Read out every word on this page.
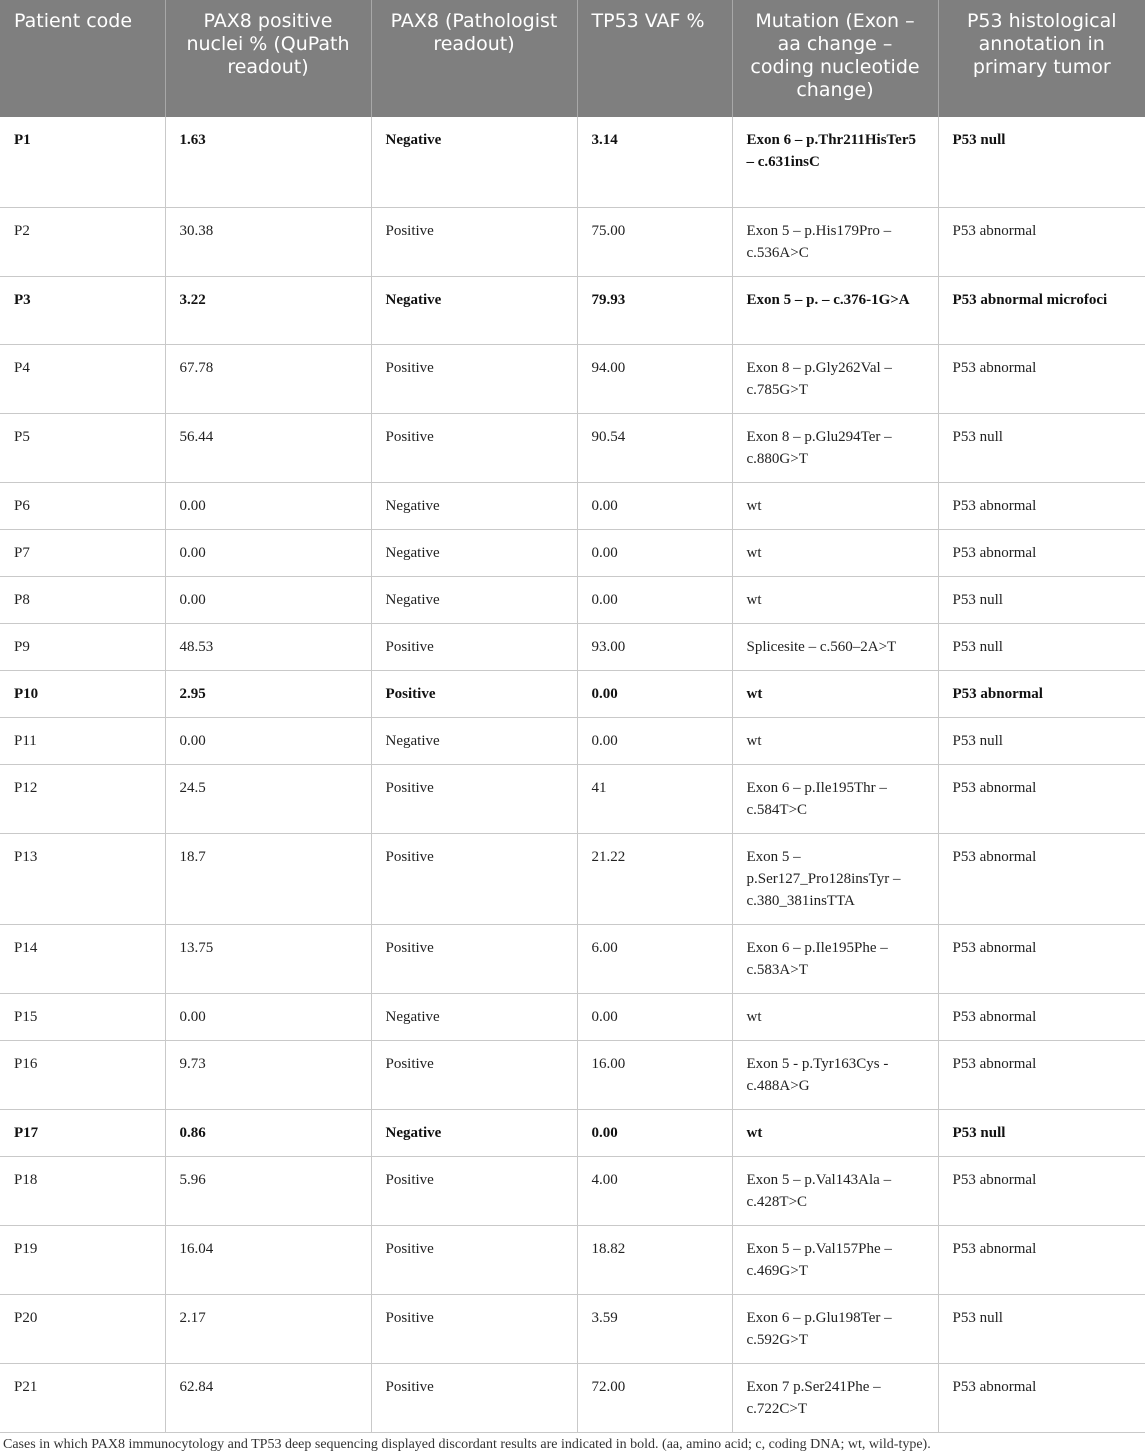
Patient code	PAX8 positive nuclei % (QuPath readout)	PAX8 (Pathologist readout)	TP53 VAF %	Mutation (Exon – aa change – coding nucleotide change)	P53 histological annotation in primary tumor
P1	1.63	Negative	3.14	Exon 6 – p.Thr211HisTer5 – c.631insC	P53 null
P2	30.38	Positive	75.00	Exon 5 – p.His179Pro – c.536A>C	P53 abnormal
P3	3.22	Negative	79.93	Exon 5 – p. – c.376-1G>A	P53 abnormal microfoci
P4	67.78	Positive	94.00	Exon 8 – p.Gly262Val – c.785G>T	P53 abnormal
P5	56.44	Positive	90.54	Exon 8 – p.Glu294Ter – c.880G>T	P53 null
P6	0.00	Negative	0.00	wt	P53 abnormal
P7	0.00	Negative	0.00	wt	P53 abnormal
P8	0.00	Negative	0.00	wt	P53 null
P9	48.53	Positive	93.00	Splicesite – c.560–2A>T	P53 null
P10	2.95	Positive	0.00	wt	P53 abnormal
P11	0.00	Negative	0.00	wt	P53 null
P12	24.5	Positive	41	Exon 6 – p.Ile195Thr – c.584T>C	P53 abnormal
P13	18.7	Positive	21.22	Exon 5 – p.Ser127_Pro128insTyr – c.380_381insTTA	P53 abnormal
P14	13.75	Positive	6.00	Exon 6 – p.Ile195Phe – c.583A>T	P53 abnormal
P15	0.00	Negative	0.00	wt	P53 abnormal
P16	9.73	Positive	16.00	Exon 5 - p.Tyr163Cys - c.488A>G	P53 abnormal
P17	0.86	Negative	0.00	wt	P53 null
P18	5.96	Positive	4.00	Exon 5 – p.Val143Ala – c.428T>C	P53 abnormal
P19	16.04	Positive	18.82	Exon 5 – p.Val157Phe – c.469G>T	P53 abnormal
P20	2.17	Positive	3.59	Exon 6 – p.Glu198Ter – c.592G>T	P53 null
P21	62.84	Positive	72.00	Exon 7 p.Ser241Phe – c.722C>T	P53 abnormal
Cases in which PAX8 immunocytology and TP53 deep sequencing displayed discordant results are indicated in bold. (aa, amino acid; c, coding DNA; wt, wild-type).
